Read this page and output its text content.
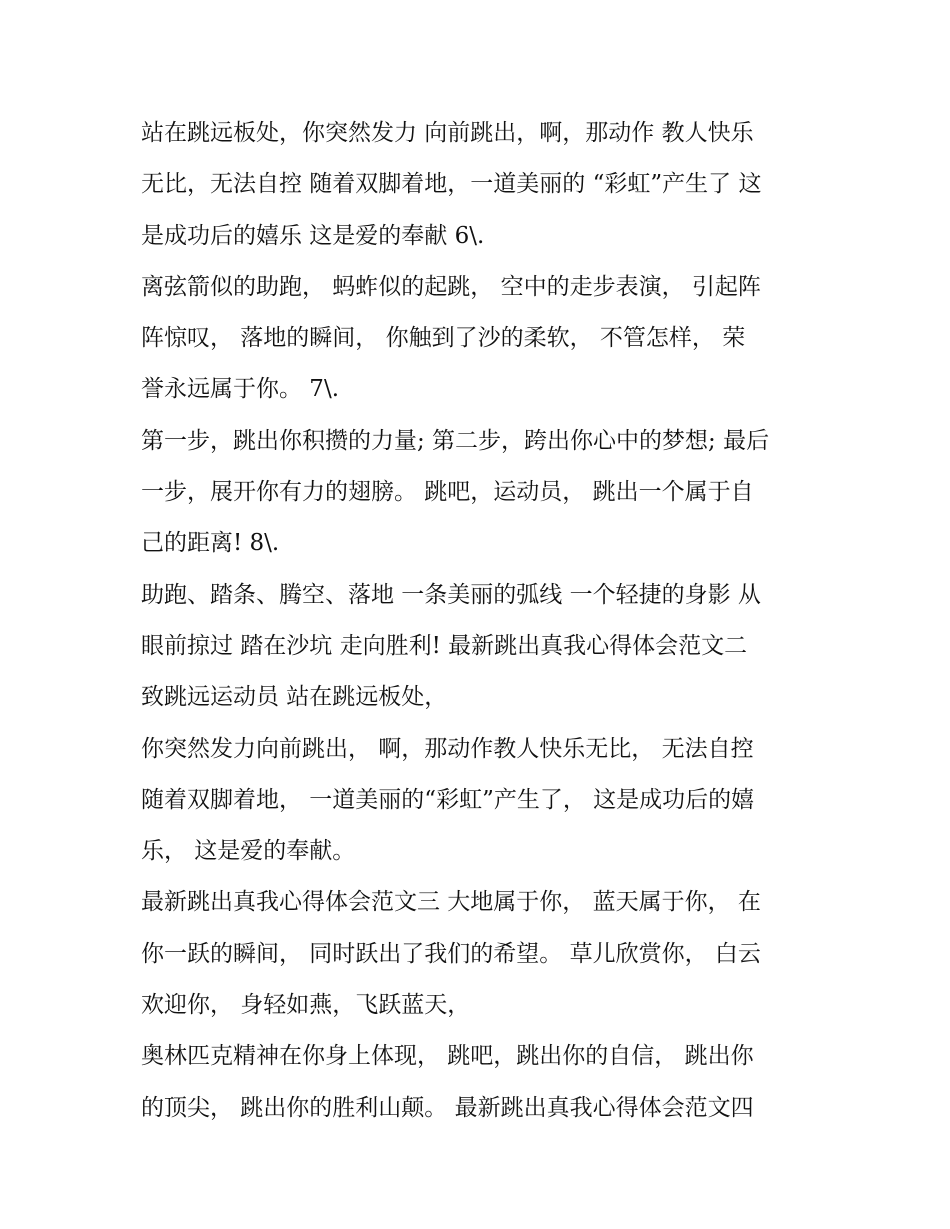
站在跳远板处，你突然发力 向前跳出，啊，那动作 教人快乐
无比，无法自控 随着双脚着地，一道美丽的 “彩虹”产生了 这
是成功后的嬉乐 这是爱的奉献 6\.

离弦箭似的助跑， 蚂蚱似的起跳， 空中的走步表演， 引起阵
阵惊叹， 落地的瞬间， 你触到了沙的柔软， 不管怎样， 荣
誉永远属于你。 7\.

第一步，跳出你积攒的力量; 第二步，跨出你心中的梦想; 最后
一步，展开你有力的翅膀。 跳吧，运动员， 跳出一个属于自
己的距离! 8\.

助跑、踏条、腾空、落地 一条美丽的弧线 一个轻捷的身影 从
眼前掠过 踏在沙坑 走向胜利! 最新跳出真我心得体会范文二
致跳远运动员 站在跳远板处，

你突然发力向前跳出， 啊，那动作教人快乐无比， 无法自控
随着双脚着地， 一道美丽的“彩虹”产生了， 这是成功后的嬉
乐， 这是爱的奉献。

最新跳出真我心得体会范文三 大地属于你， 蓝天属于你， 在
你一跃的瞬间， 同时跃出了我们的希望。 草儿欣赏你， 白云
欢迎你， 身轻如燕，飞跃蓝天，

奥林匹克精神在你身上体现， 跳吧，跳出你的自信， 跳出你
的顶尖， 跳出你的胜利山颠。 最新跳出真我心得体会范文四
